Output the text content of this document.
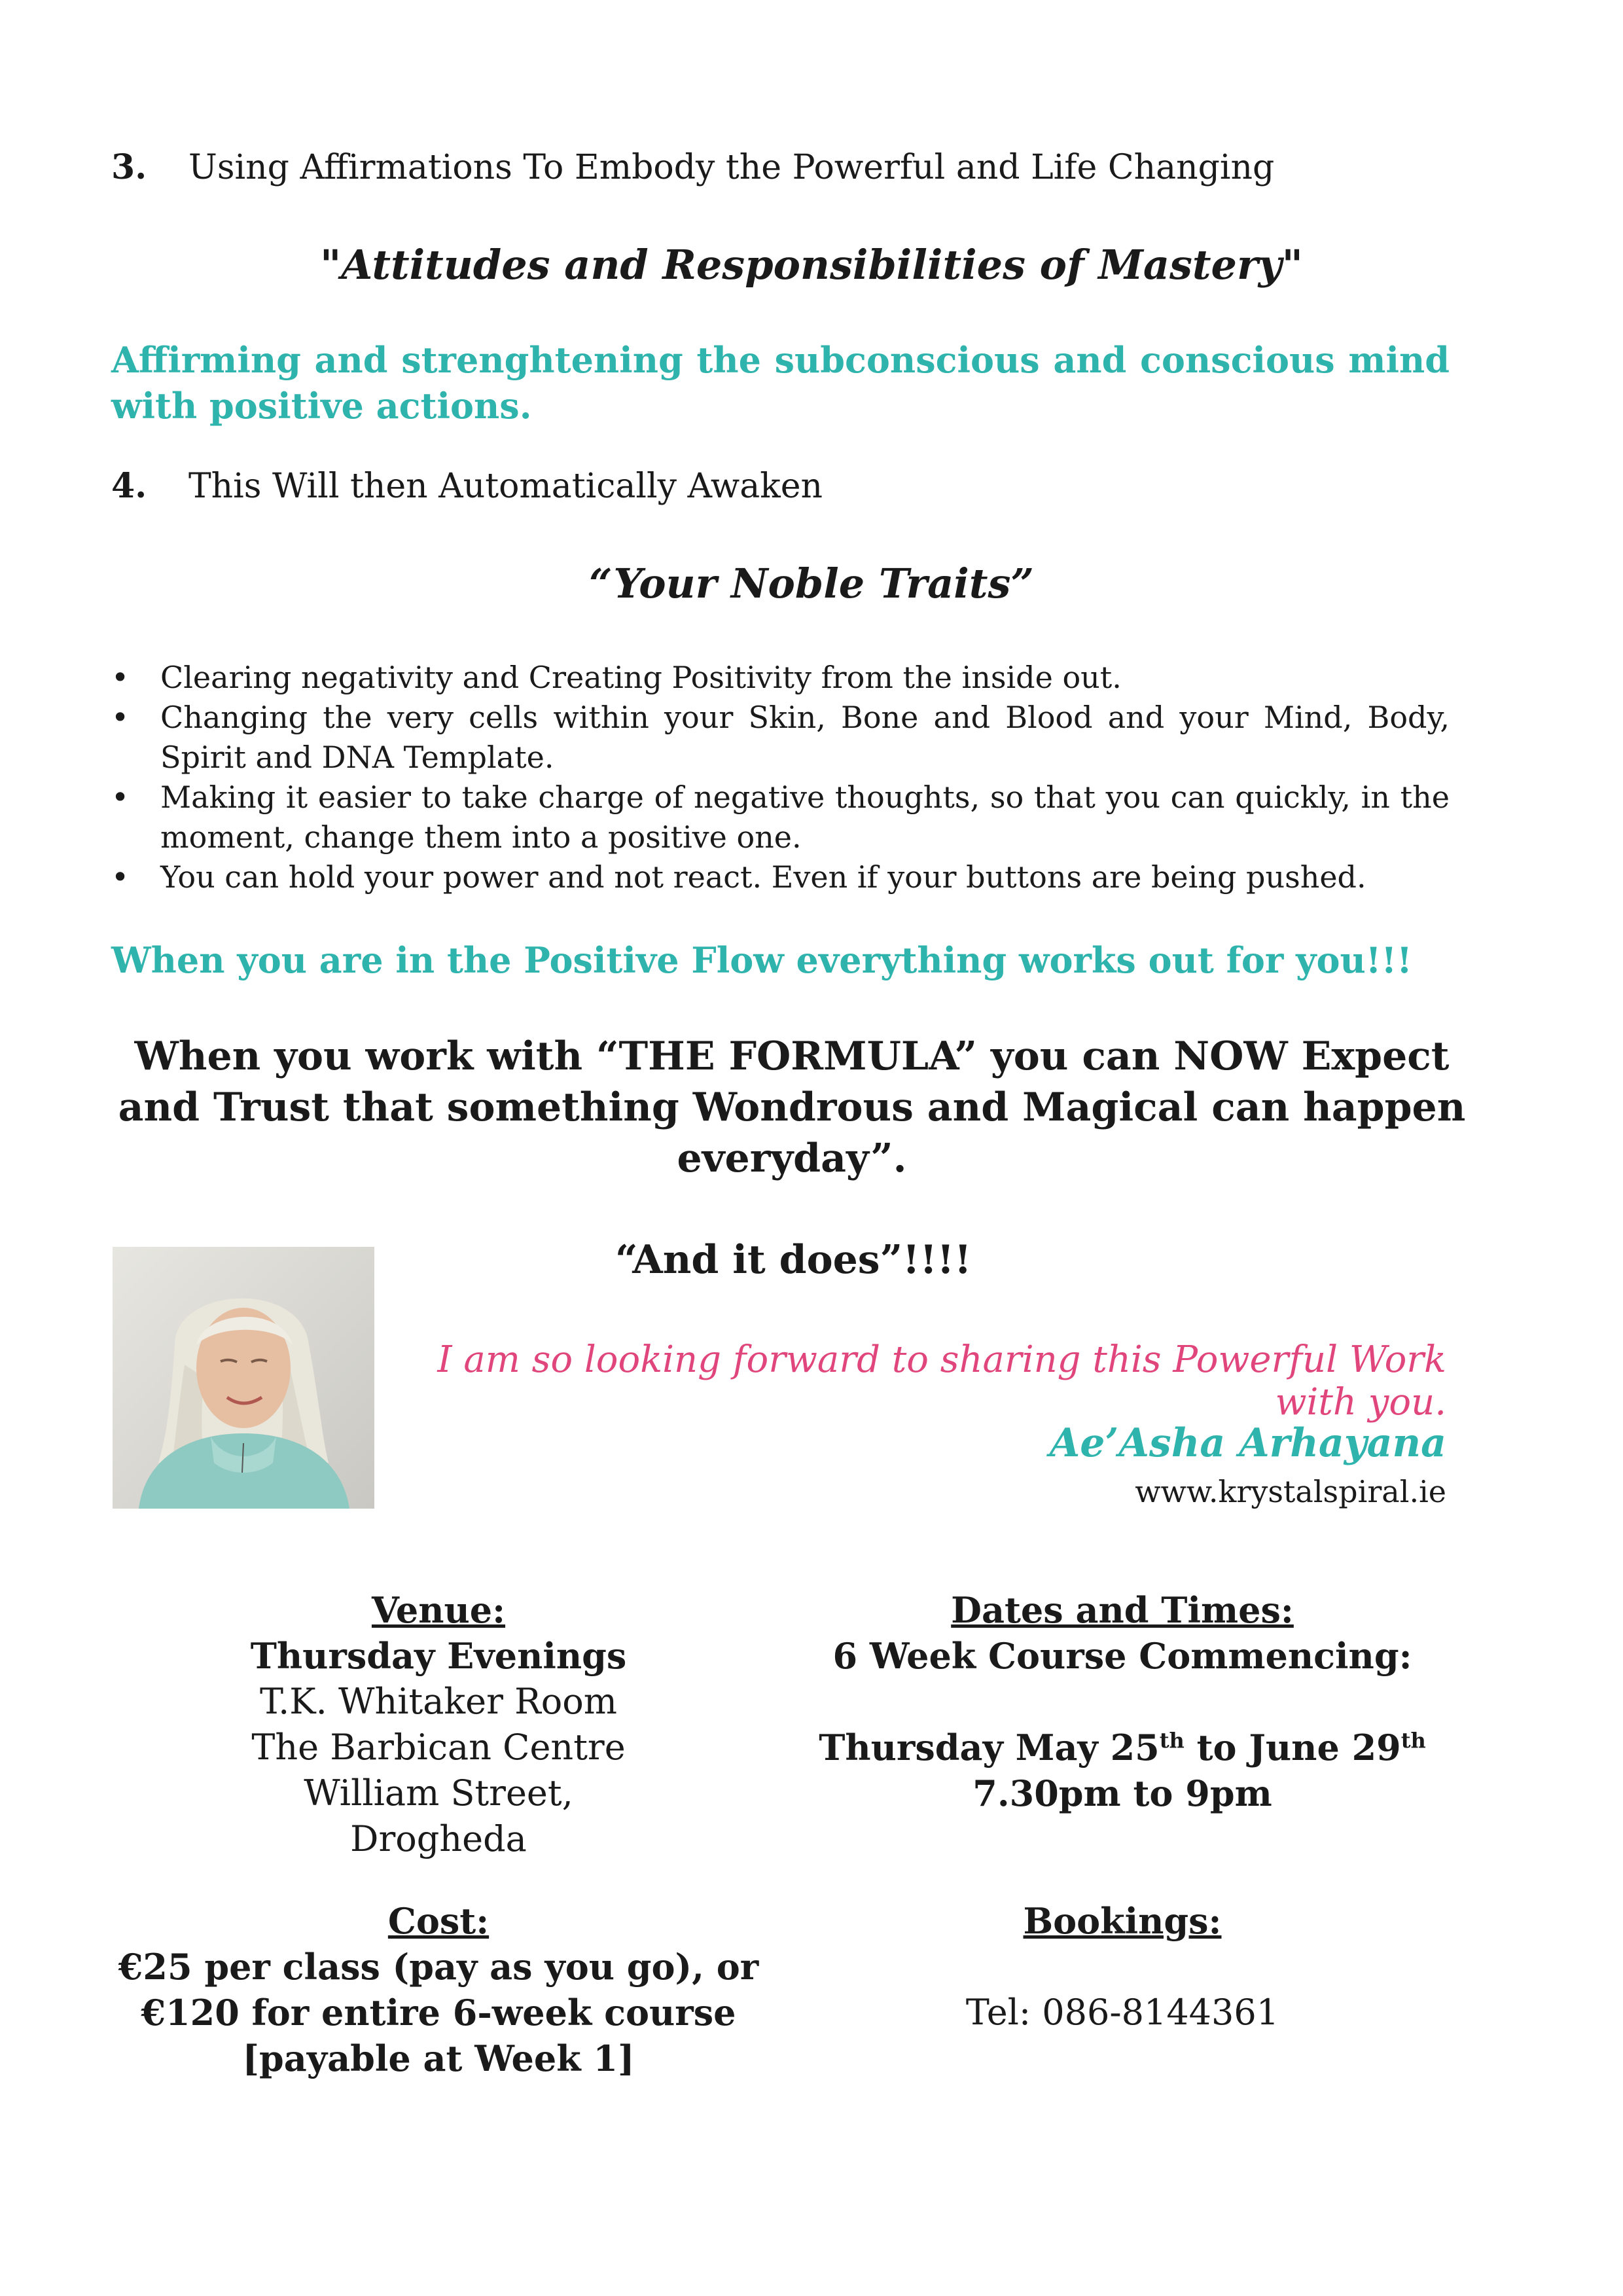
3. Using Affirmations To Embody the Powerful and Life Changing
"Attitudes and Responsibilities of Mastery"
Affirming and strenghtening the subconscious and conscious mind with positive actions.
4. This Will then Automatically Awaken
“Your Noble Traits”
• Clearing negativity and Creating Positivity from the inside out.
• Changing the very cells within your Skin, Bone and Blood and your Mind, Body, Spirit and DNA Template.
• Making it easier to take charge of negative thoughts, so that you can quickly, in the moment, change them into a positive one.
• You can hold your power and not react. Even if your buttons are being pushed.
When you are in the Positive Flow everything works out for you!!!
When you work with “THE FORMULA” you can NOW Expect and Trust that something Wondrous and Magical can happen everyday”.
“And it does”!!!!
I am so looking forward to sharing this Powerful Work with you.
Ae’Asha Arhayana
www.krystalspiral.ie
Venue:
Thursday Evenings
T.K. Whitaker Room
The Barbican Centre
William Street,
Drogheda
Dates and Times:
6 Week Course Commencing:
Thursday May 25th to June 29th
7.30pm to 9pm
Cost:
€25 per class (pay as you go), or
€120 for entire 6-week course
[payable at Week 1]
Bookings:
Tel: 086-8144361
